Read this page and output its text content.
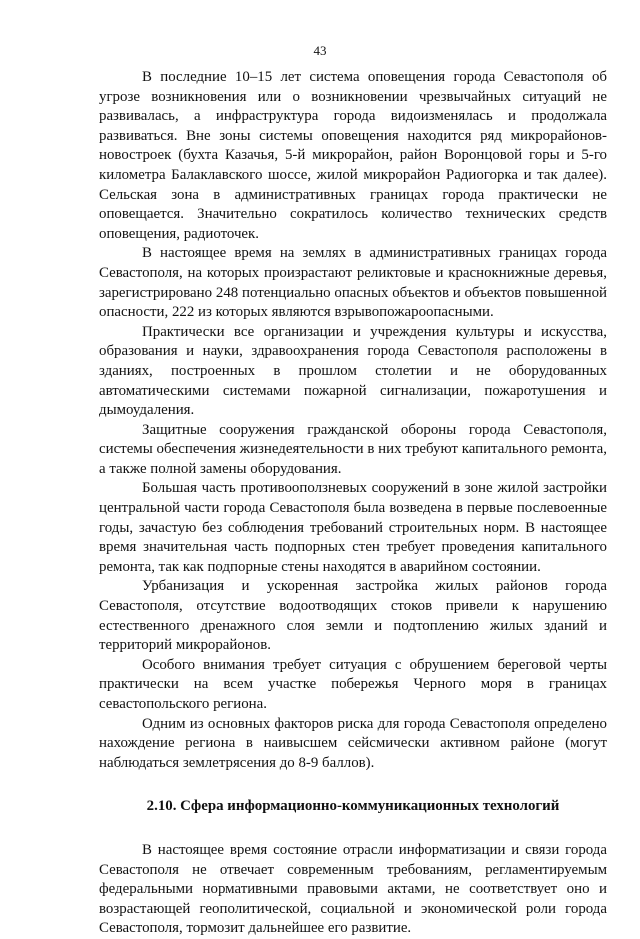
43

В последние 10–15 лет система оповещения города Севастополя об угрозе возникновения или о возникновении чрезвычайных ситуаций не развивалась, а инфраструктура города видоизменялась и продолжала развиваться. Вне зоны системы оповещения находится ряд микрорайонов-новостроек (бухта Казачья, 5-й микрорайон, район Воронцовой горы и 5-го километра Балаклавского шоссе, жилой микрорайон Радиогорка и так далее). Сельская зона в административных границах города практически не оповещается. Значительно сократилось количество технических средств оповещения, радиоточек.

В настоящее время на землях в административных границах города Севастополя, на которых произрастают реликтовые и краснокнижные деревья, зарегистрировано 248 потенциально опасных объектов и объектов повышенной опасности, 222 из которых являются взрывопожароопасными.

Практически все организации и учреждения культуры и искусства, образования и науки, здравоохранения города Севастополя расположены в зданиях, построенных в прошлом столетии и не оборудованных автоматическими системами пожарной сигнализации, пожаротушения и дымоудаления.

Защитные сооружения гражданской обороны города Севастополя, системы обеспечения жизнедеятельности в них требуют капитального ремонта, а также полной замены оборудования.

Большая часть противооползневых сооружений в зоне жилой застройки центральной части города Севастополя была возведена в первые послевоенные годы, зачастую без соблюдения требований строительных норм. В настоящее время значительная часть подпорных стен требует проведения капитального ремонта, так как подпорные стены находятся в аварийном состоянии.

Урбанизация и ускоренная застройка жилых районов города Севастополя, отсутствие водоотводящих стоков привели к нарушению естественного дренажного слоя земли и подтоплению жилых зданий и территорий микрорайонов.

Особого внимания требует ситуация с обрушением береговой черты практически на всем участке побережья Черного моря в границах севастопольского региона.

Одним из основных факторов риска для города Севастополя определено нахождение региона в наивысшем сейсмически активном районе (могут наблюдаться землетрясения до 8-9 баллов).

2.10. Сфера информационно-коммуникационных технологий

В настоящее время состояние отрасли информатизации и связи города Севастополя не отвечает современным требованиям, регламентируемым федеральными нормативными правовыми актами, не соответствует оно и возрастающей геополитической, социальной и экономической роли города Севастополя, тормозит дальнейшее его развитие.
